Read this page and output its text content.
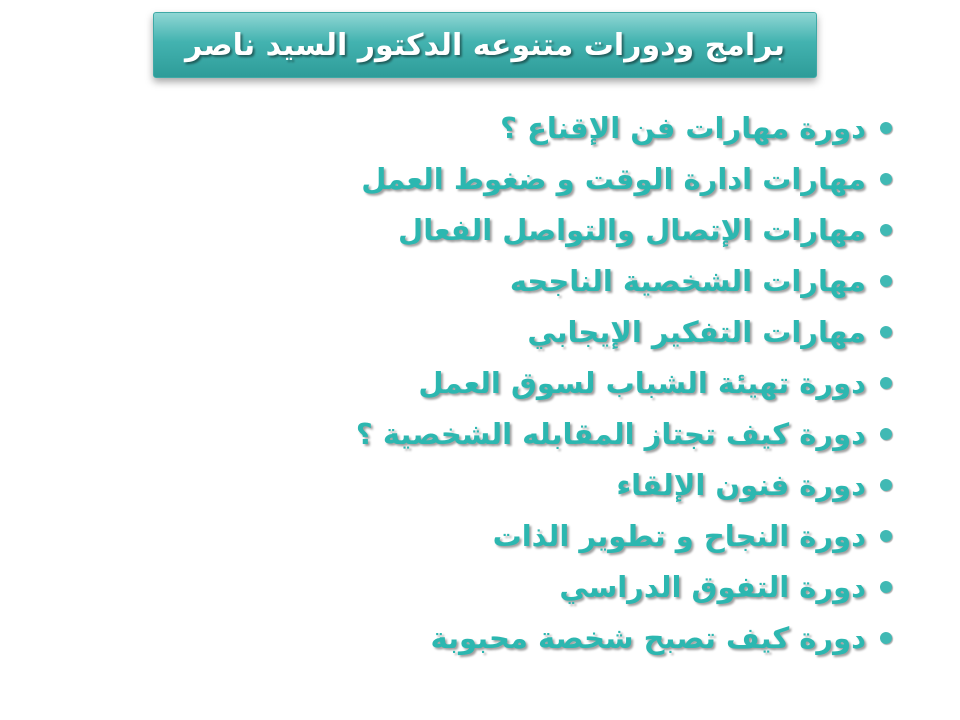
برامج ودورات متنوعه الدكتور السيد ناصر
دورة مهارات فن الإقناع ؟
مهارات ادارة الوقت و ضغوط العمل
مهارات الإتصال والتواصل الفعال
مهارات الشخصية الناجحه
مهارات التفكير الإيجابي
دورة تهيئة الشباب لسوق العمل
دورة كيف تجتاز المقابله الشخصية ؟
دورة فنون الإلقاء
دورة النجاح و تطوير الذات
دورة التفوق الدراسي
دورة كيف تصبح شخصة محبوبة
